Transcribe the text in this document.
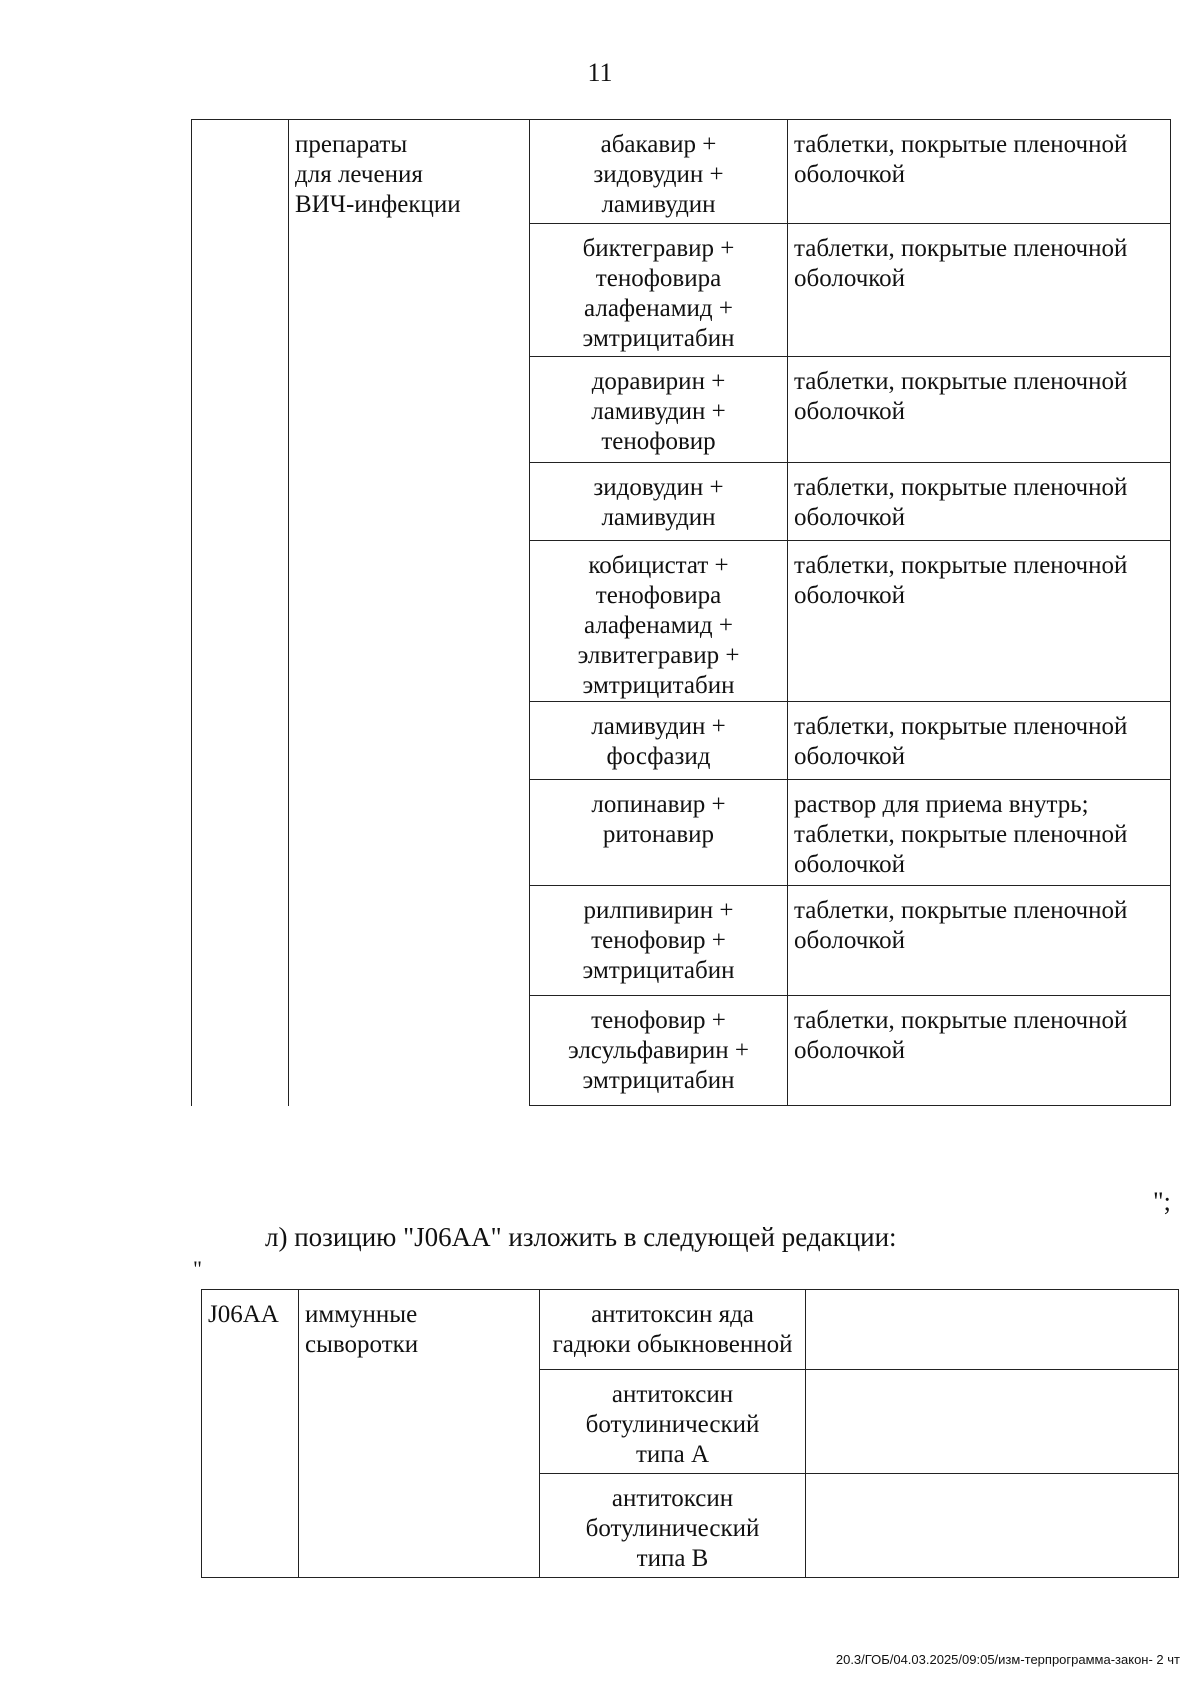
11

	препараты
для лечения
ВИЧ-инфекции	абакавир +
зидовудин +
ламивудин	таблетки, покрытые пленочной
оболочкой

		биктегравир +
тенофовира
алафенамид +
эмтрицитабин	таблетки, покрытые пленочной
оболочкой

		доравирин +
ламивудин +
тенофовир	таблетки, покрытые пленочной
оболочкой

		зидовудин +
ламивудин	таблетки, покрытые пленочной
оболочкой

		кобицистат +
тенофовира
алафенамид +
элвитегравир +
эмтрицитабин	таблетки, покрытые пленочной
оболочкой

		ламивудин +
фосфазид	таблетки, покрытые пленочной
оболочкой

		лопинавир +
ритонавир	раствор для приема внутрь;
таблетки, покрытые пленочной
оболочкой

		рилпивирин +
тенофовир +
эмтрицитабин	таблетки, покрытые пленочной
оболочкой

		тенофовир +
элсульфавирин +
эмтрицитабин	таблетки, покрытые пленочной
оболочкой
";
л) позицию "J06AA" изложить в следующей редакции:
"
J06AA	иммунные
сыворотки	антитоксин яда
гадюки обыкновенной	

		антитоксин
ботулинический
типа А	

		антитоксин
ботулинический
типа В	

20.3/ГОБ/04.03.2025/09:05/изм-терпрограмма-закон- 2 чт
